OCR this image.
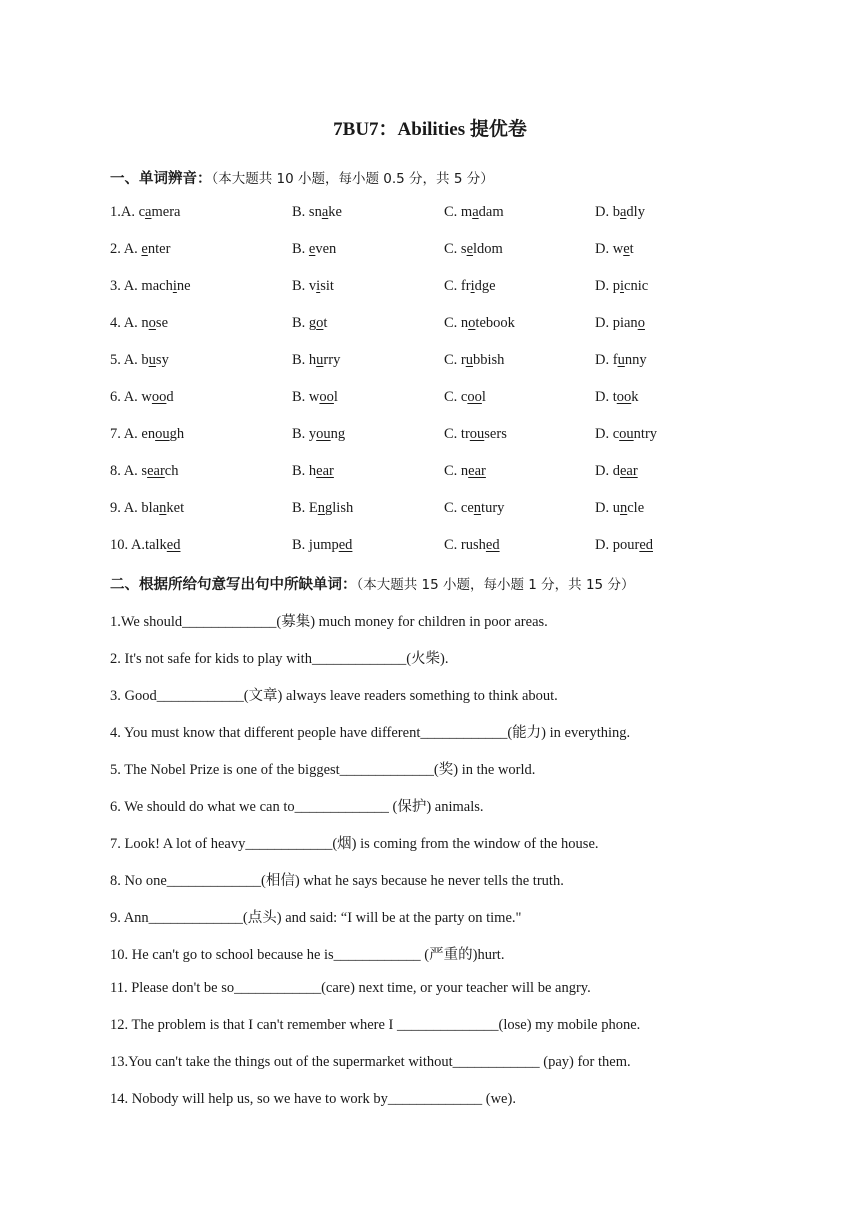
7BU7：Abilities 提优卷
一、单词辨音：（本大题共 10 小题，每小题 0.5 分，共 5 分）
1.A. camera	B. snake	C. madam	D. badly
2. A. enter	B. even	C. seldom	D. wet
3. A. machine	B. visit	C. fridge	D. picnic
4. A. nose	B. got	C. notebook	D. piano
5. A. busy	B. hurry	C. rubbish	D. funny
6. A. wood	B. wool	C. cool	D. took
7. A. enough	B. young	C. trousers	D. country
8. A. search	B. hear	C. near	D. dear
9. A. blanket	B. English	C. century	D. uncle
10. A.talked	B. jumped	C. rushed	D. poured
二、根据所给句意写出句中所缺单词：（本大题共 15 小题，每小题 1 分，共 15 分）
1.We should_____________(募集) much money for children in poor areas.
2. It's not safe for kids to play with_____________(火柴).
3. Good____________(文章) always leave readers something to think about.
4. You must know that different people have different____________(能力) in everything.
5. The Nobel Prize is one of the biggest_____________(奖) in the world.
6. We should do what we can to_____________ (保护) animals.
7. Look! A lot of heavy____________(烟) is coming from the window of the house.
8. No one_____________(相信) what he says because he never tells the truth.
9. Ann_____________(点头) and said: “I will be at the party on time."
10. He can't go to school because he is____________ (严重的)hurt.
11. Please don't be so____________(care) next time, or your teacher will be angry.
12. The problem is that I can't remember where I ______________(lose) my mobile phone.
13.You can't take the things out of the supermarket without____________ (pay) for them.
14. Nobody will help us, so we have to work by_____________ (we).
